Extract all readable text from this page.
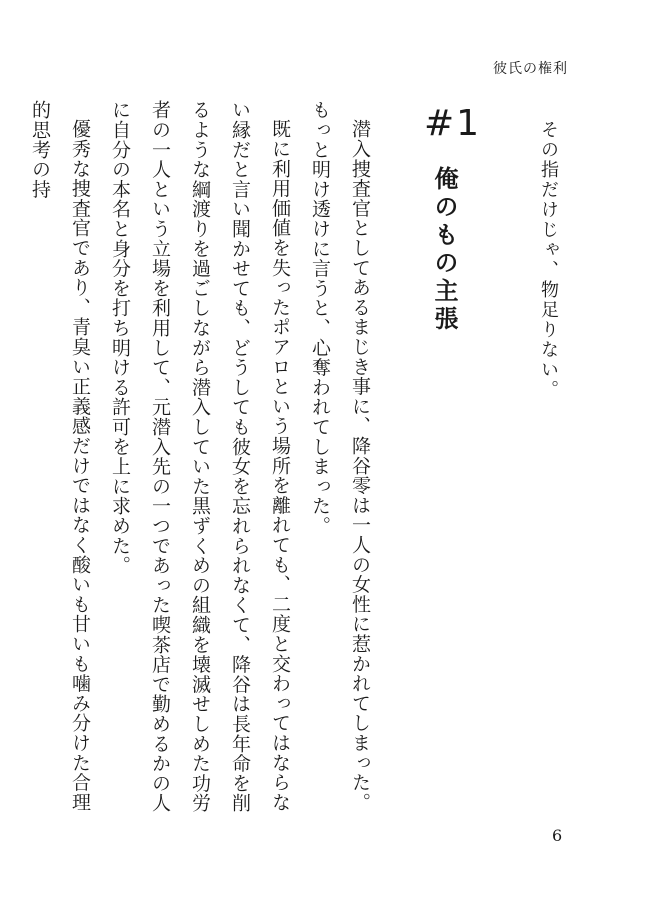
彼氏の権利
その指だけじゃ、物足りない。
#1
俺のもの主張

潜入捜査官としてあるまじき事に、降谷零は一人の女性に惹かれてしまった。もっと明け透けに言うと、心奪われてしまった。

既に利用価値を失ったポアロという場所を離れても、二度と交わってはならない縁だと言い聞かせても、どうしても彼女を忘れられなくて、降谷は長年命を削るような綱渡りを過ごしながら潜入していた黒ずくめの組織を壊滅せしめた功労者の一人という立場を利用して、元潜入先の一つであった喫茶店で勤めるかの人に自分の本名と身分を打ち明ける許可を上に求めた。

優秀な捜査官であり、青臭い正義感だけではなく酸いも甘いも噛み分けた合理的思考の持

6
